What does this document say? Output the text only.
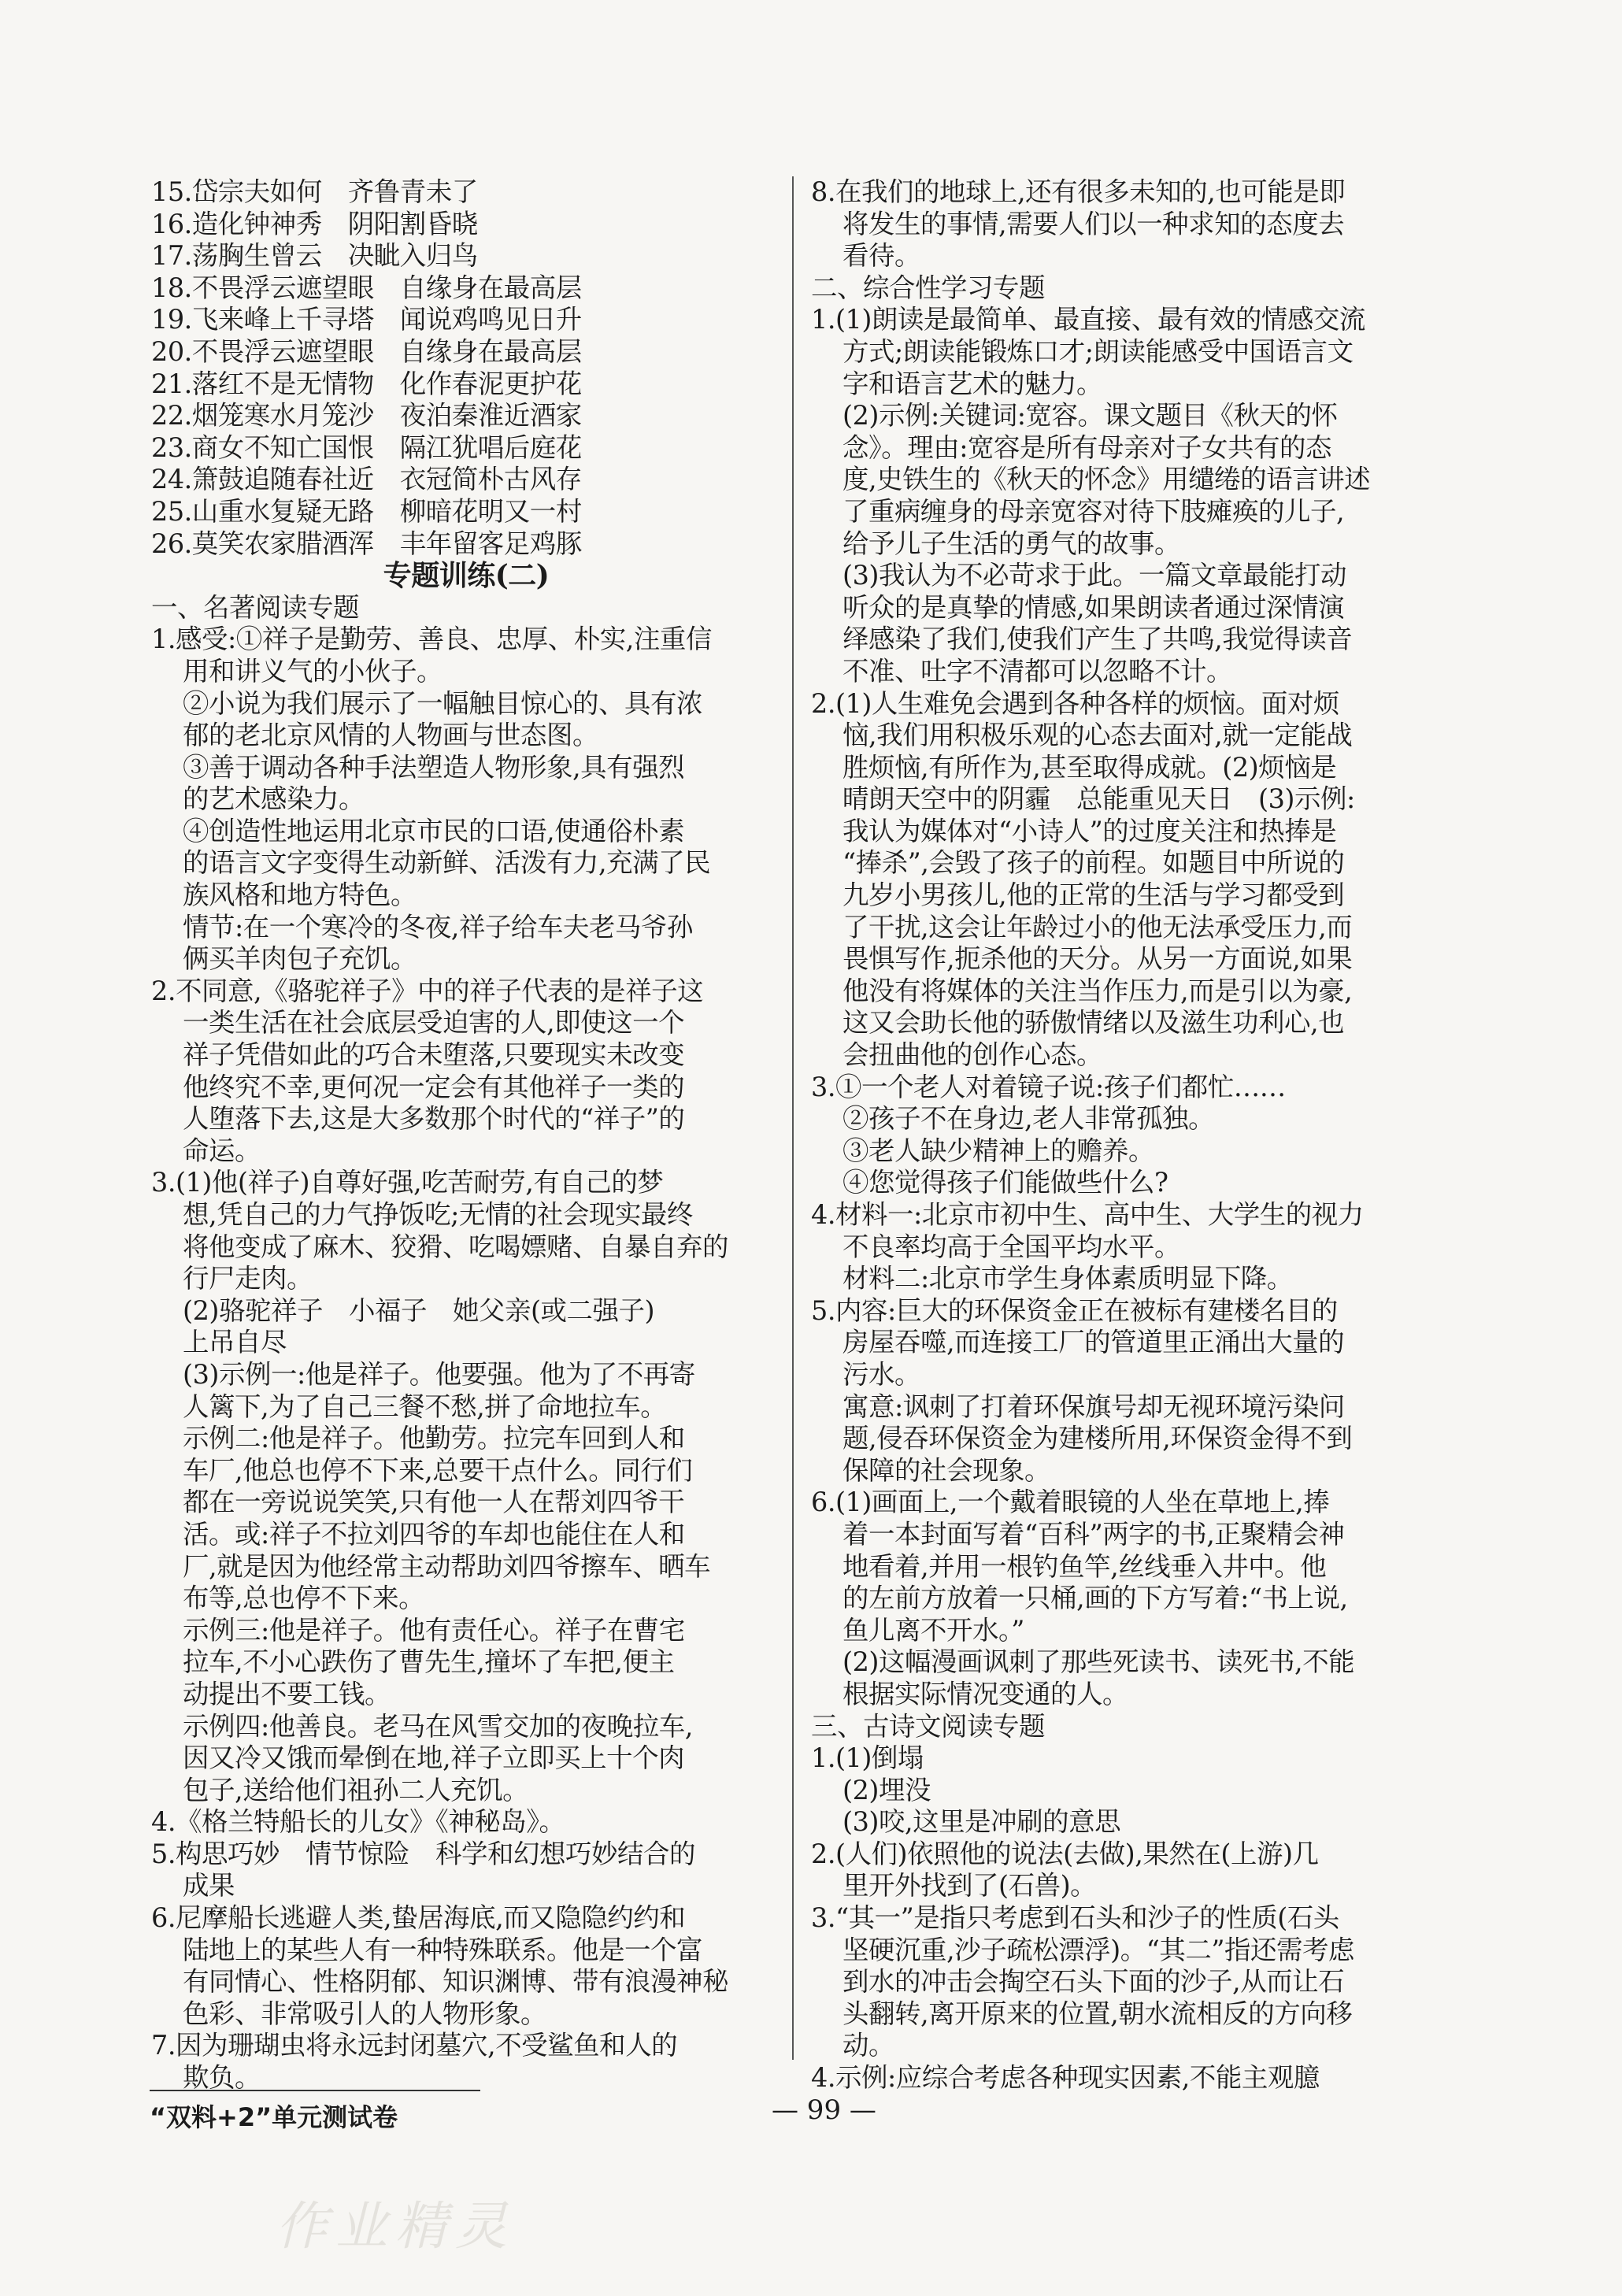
15.岱宗夫如何　齐鲁青未了
16.造化钟神秀　阴阳割昏晓
17.荡胸生曾云　决眦入归鸟
18.不畏浮云遮望眼　自缘身在最高层
19.飞来峰上千寻塔　闻说鸡鸣见日升
20.不畏浮云遮望眼　自缘身在最高层
21.落红不是无情物　化作春泥更护花
22.烟笼寒水月笼沙　夜泊秦淮近酒家
23.商女不知亡国恨　隔江犹唱后庭花
24.箫鼓追随春社近　衣冠简朴古风存
25.山重水复疑无路　柳暗花明又一村
26.莫笑农家腊酒浑　丰年留客足鸡豚
专题训练(二)
一、名著阅读专题
1.感受:①祥子是勤劳、善良、忠厚、朴实,注重信
用和讲义气的小伙子。
②小说为我们展示了一幅触目惊心的、具有浓
郁的老北京风情的人物画与世态图。
③善于调动各种手法塑造人物形象,具有强烈
的艺术感染力。
④创造性地运用北京市民的口语,使通俗朴素
的语言文字变得生动新鲜、活泼有力,充满了民
族风格和地方特色。
情节:在一个寒冷的冬夜,祥子给车夫老马爷孙
俩买羊肉包子充饥。
2.不同意,《骆驼祥子》中的祥子代表的是祥子这
一类生活在社会底层受迫害的人,即使这一个
祥子凭借如此的巧合未堕落,只要现实未改变
他终究不幸,更何况一定会有其他祥子一类的
人堕落下去,这是大多数那个时代的“祥子”的
命运。
3.(1)他(祥子)自尊好强,吃苦耐劳,有自己的梦
想,凭自己的力气挣饭吃;无情的社会现实最终
将他变成了麻木、狡猾、吃喝嫖赌、自暴自弃的
行尸走肉。
(2)骆驼祥子　小福子　她父亲(或二强子)
上吊自尽
(3)示例一:他是祥子。他要强。他为了不再寄
人篱下,为了自己三餐不愁,拼了命地拉车。
示例二:他是祥子。他勤劳。拉完车回到人和
车厂,他总也停不下来,总要干点什么。同行们
都在一旁说说笑笑,只有他一人在帮刘四爷干
活。或:祥子不拉刘四爷的车却也能住在人和
厂,就是因为他经常主动帮助刘四爷擦车、晒车
布等,总也停不下来。
示例三:他是祥子。他有责任心。祥子在曹宅
拉车,不小心跌伤了曹先生,撞坏了车把,便主
动提出不要工钱。
示例四:他善良。老马在风雪交加的夜晚拉车,
因又冷又饿而晕倒在地,祥子立即买上十个肉
包子,送给他们祖孙二人充饥。
4.《格兰特船长的儿女》《神秘岛》。
5.构思巧妙　情节惊险　科学和幻想巧妙结合的
成果
6.尼摩船长逃避人类,蛰居海底,而又隐隐约约和
陆地上的某些人有一种特殊联系。他是一个富
有同情心、性格阴郁、知识渊博、带有浪漫神秘
色彩、非常吸引人的人物形象。
7.因为珊瑚虫将永远封闭墓穴,不受鲨鱼和人的
欺负。
8.在我们的地球上,还有很多未知的,也可能是即
将发生的事情,需要人们以一种求知的态度去
看待。
二、综合性学习专题
1.(1)朗读是最简单、最直接、最有效的情感交流
方式;朗读能锻炼口才;朗读能感受中国语言文
字和语言艺术的魅力。
(2)示例:关键词:宽容。课文题目《秋天的怀
念》。理由:宽容是所有母亲对子女共有的态
度,史铁生的《秋天的怀念》用缱绻的语言讲述
了重病缠身的母亲宽容对待下肢瘫痪的儿子,
给予儿子生活的勇气的故事。
(3)我认为不必苛求于此。一篇文章最能打动
听众的是真挚的情感,如果朗读者通过深情演
绎感染了我们,使我们产生了共鸣,我觉得读音
不准、吐字不清都可以忽略不计。
2.(1)人生难免会遇到各种各样的烦恼。面对烦
恼,我们用积极乐观的心态去面对,就一定能战
胜烦恼,有所作为,甚至取得成就。(2)烦恼是
晴朗天空中的阴霾　总能重见天日　(3)示例:
我认为媒体对“小诗人”的过度关注和热捧是
“捧杀”,会毁了孩子的前程。如题目中所说的
九岁小男孩儿,他的正常的生活与学习都受到
了干扰,这会让年龄过小的他无法承受压力,而
畏惧写作,扼杀他的天分。从另一方面说,如果
他没有将媒体的关注当作压力,而是引以为豪,
这又会助长他的骄傲情绪以及滋生功利心,也
会扭曲他的创作心态。
3.①一个老人对着镜子说:孩子们都忙……
②孩子不在身边,老人非常孤独。
③老人缺少精神上的赡养。
④您觉得孩子们能做些什么?
4.材料一:北京市初中生、高中生、大学生的视力
不良率均高于全国平均水平。
材料二:北京市学生身体素质明显下降。
5.内容:巨大的环保资金正在被标有建楼名目的
房屋吞噬,而连接工厂的管道里正涌出大量的
污水。
寓意:讽刺了打着环保旗号却无视环境污染问
题,侵吞环保资金为建楼所用,环保资金得不到
保障的社会现象。
6.(1)画面上,一个戴着眼镜的人坐在草地上,捧
着一本封面写着“百科”两字的书,正聚精会神
地看着,并用一根钓鱼竿,丝线垂入井中。他
的左前方放着一只桶,画的下方写着:“书上说,
鱼儿离不开水。”
(2)这幅漫画讽刺了那些死读书、读死书,不能
根据实际情况变通的人。
三、古诗文阅读专题
1.(1)倒塌
(2)埋没
(3)咬,这里是冲刷的意思
2.(人们)依照他的说法(去做),果然在(上游)几
里开外找到了(石兽)。
3.“其一”是指只考虑到石头和沙子的性质(石头
坚硬沉重,沙子疏松漂浮)。“其二”指还需考虑
到水的冲击会掏空石头下面的沙子,从而让石
头翻转,离开原来的位置,朝水流相反的方向移
动。
4.示例:应综合考虑各种现实因素,不能主观臆
“双料+2”单元测试卷	— 99 —
作业精灵
